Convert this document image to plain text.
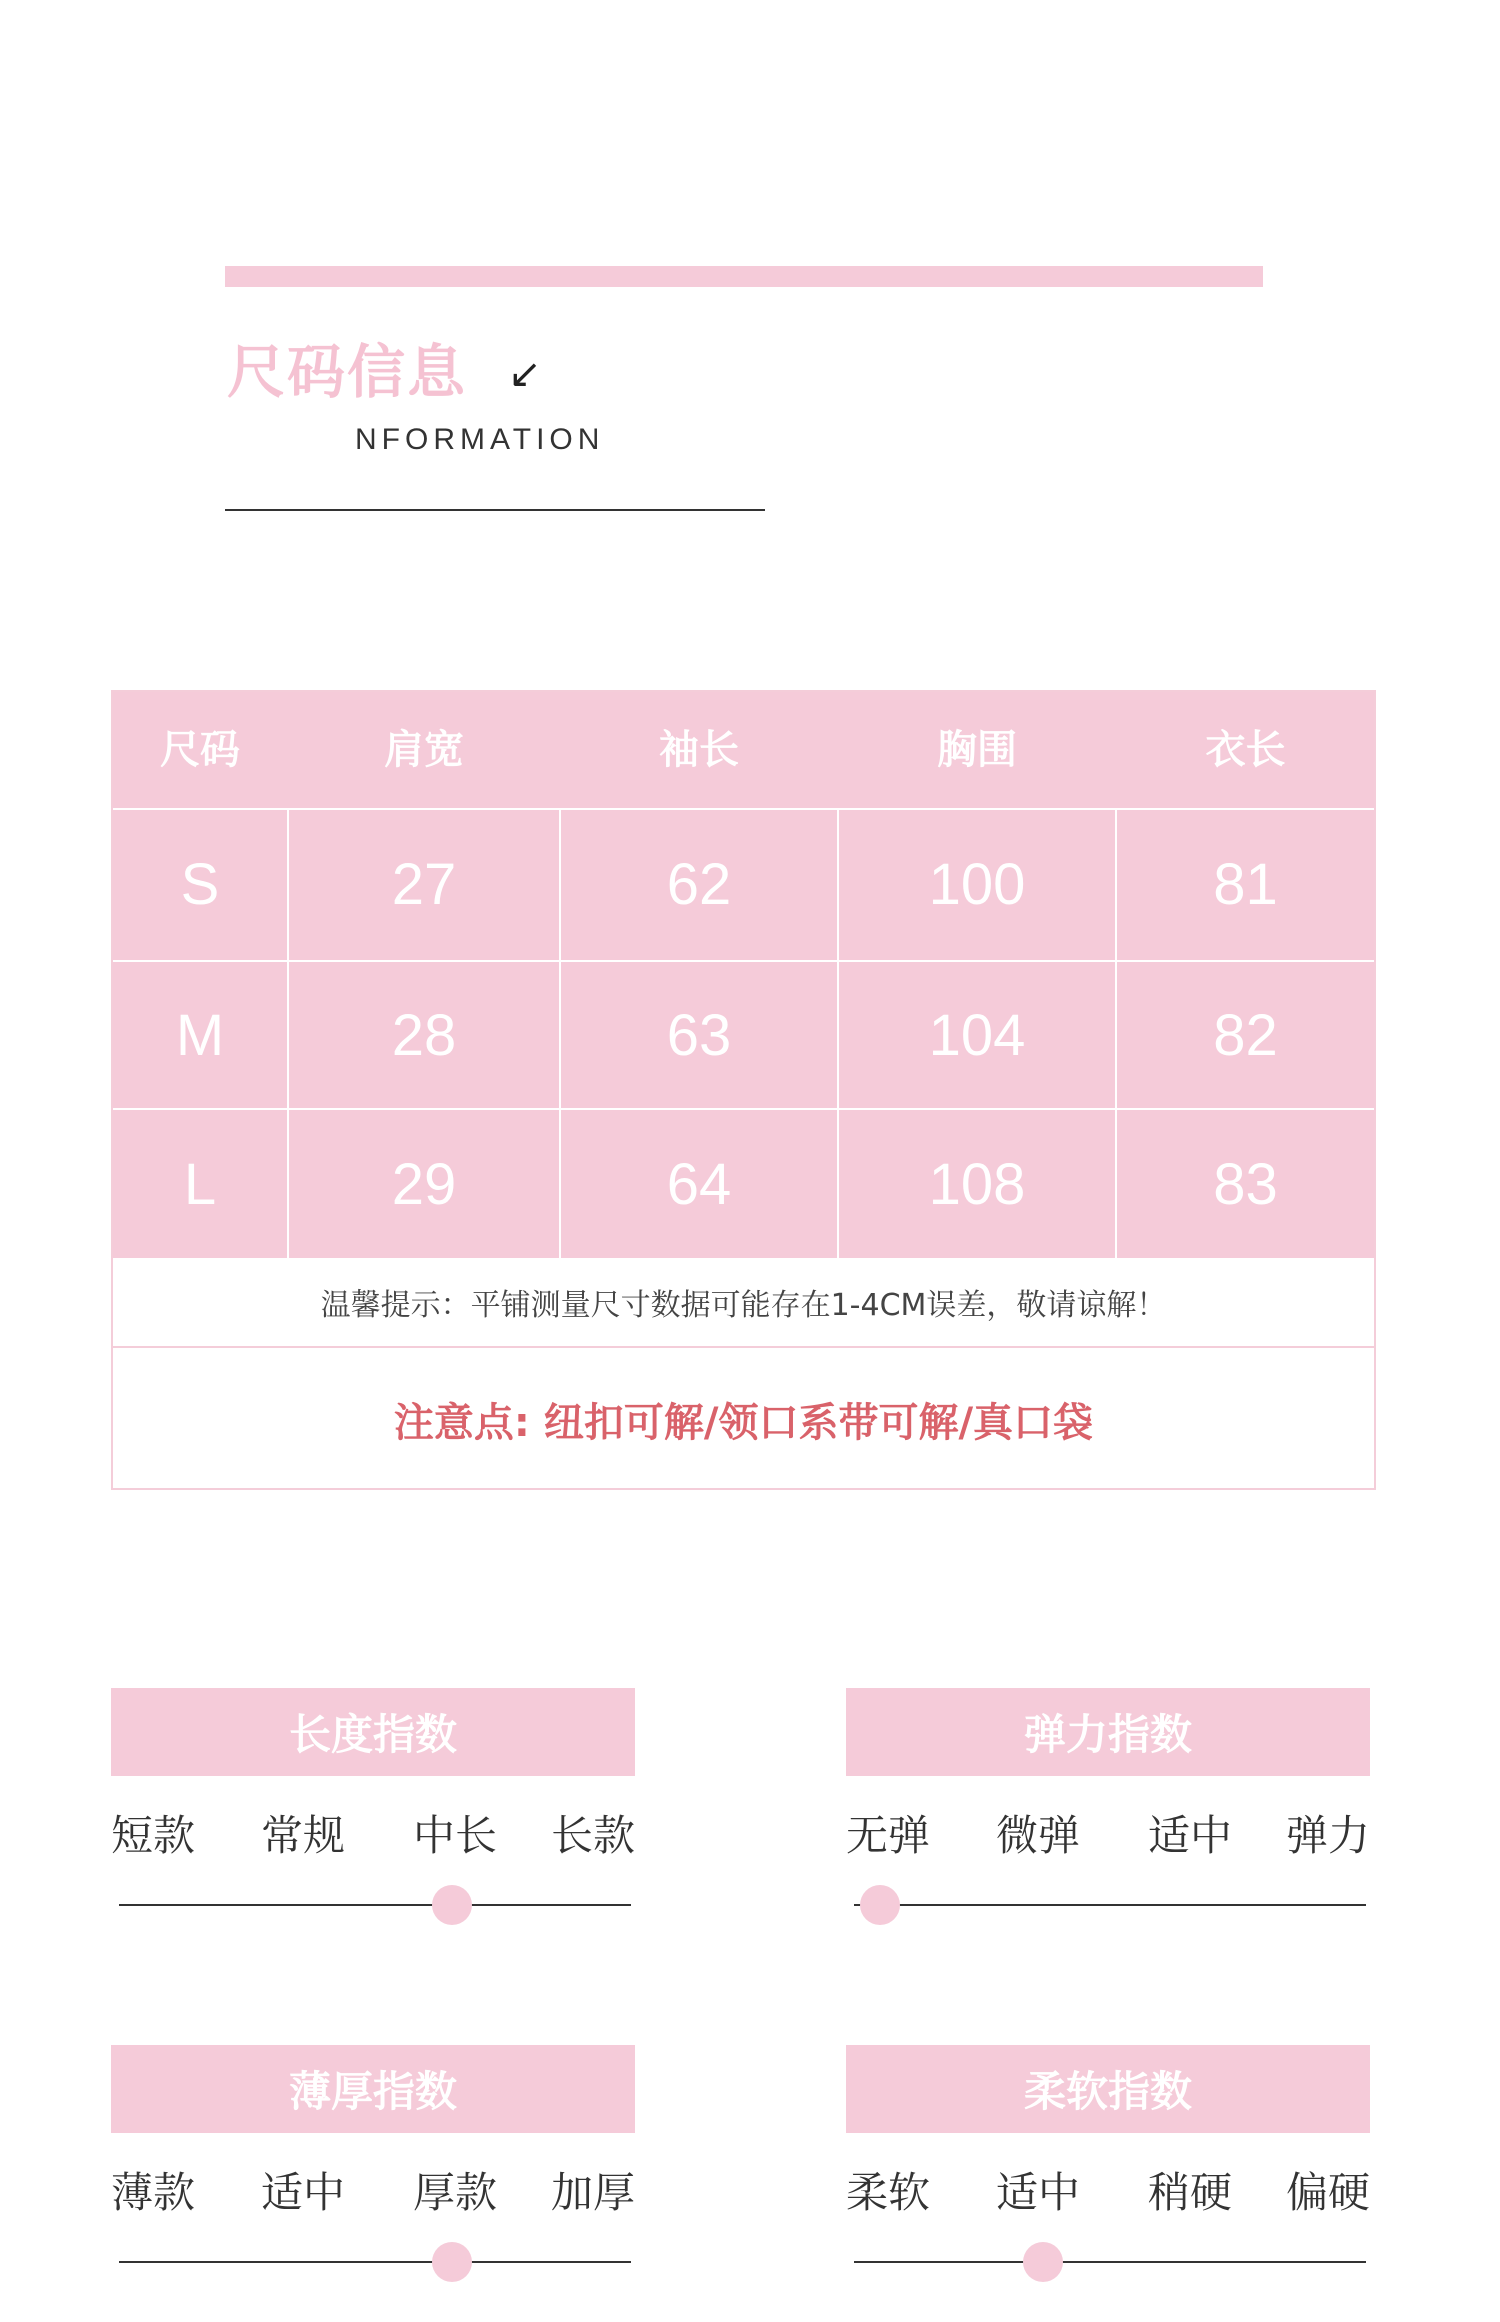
尺码信息 ↙
NFORMATION
尺码	肩宽	袖长	胸围	衣长
S	27	62	100	81
M	28	63	104	82
L	29	64	108	83
温馨提示：平铺测量尺寸数据可能存在1-4CM误差，敬请谅解！
注意点: 纽扣可解/领口系带可解/真口袋
长度指数
短款 常规 中长 长款
弹力指数
无弹 微弹 适中 弹力
薄厚指数
薄款 适中 厚款 加厚
柔软指数
柔软 适中 稍硬 偏硬
